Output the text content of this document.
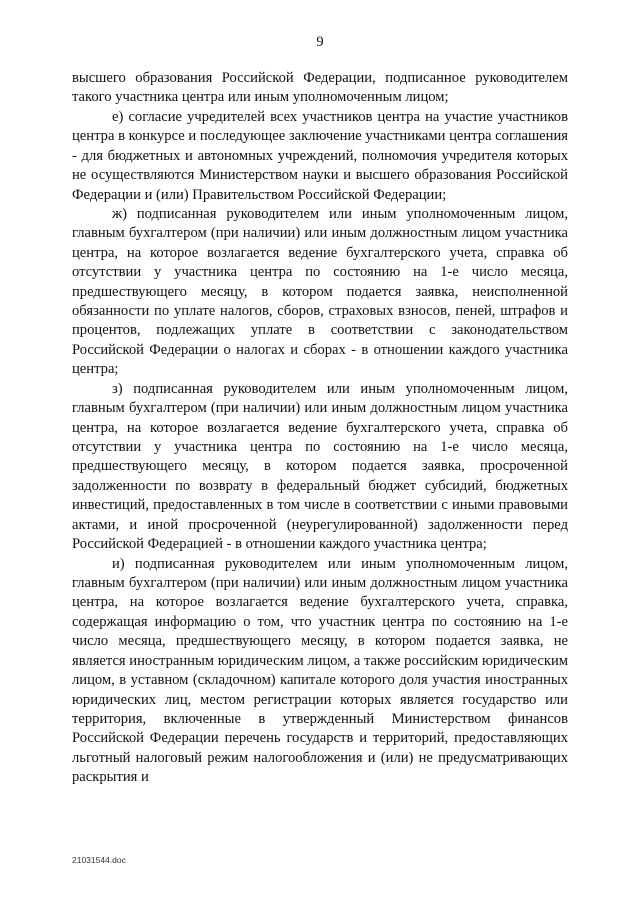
9

высшего образования Российской Федерации, подписанное руководителем такого участника центра или иным уполномоченным лицом;

е) согласие учредителей всех участников центра на участие участников центра в конкурсе и последующее заключение участниками центра соглашения - для бюджетных и автономных учреждений, полномочия учредителя которых не осуществляются Министерством науки и высшего образования Российской Федерации и (или) Правительством Российской Федерации;

ж) подписанная руководителем или иным уполномоченным лицом, главным бухгалтером (при наличии) или иным должностным лицом участника центра, на которое возлагается ведение бухгалтерского учета, справка об отсутствии у участника центра по состоянию на 1-е число месяца, предшествующего месяцу, в котором подается заявка, неисполненной обязанности по уплате налогов, сборов, страховых взносов, пеней, штрафов и процентов, подлежащих уплате в соответствии с законодательством Российской Федерации о налогах и сборах - в отношении каждого участника центра;

з) подписанная руководителем или иным уполномоченным лицом, главным бухгалтером (при наличии) или иным должностным лицом участника центра, на которое возлагается ведение бухгалтерского учета, справка об отсутствии у участника центра по состоянию на 1-е число месяца, предшествующего месяцу, в котором подается заявка, просроченной задолженности по возврату в федеральный бюджет субсидий, бюджетных инвестиций, предоставленных в том числе в соответствии с иными правовыми актами, и иной просроченной (неурегулированной) задолженности перед Российской Федерацией - в отношении каждого участника центра;

и) подписанная руководителем или иным уполномоченным лицом, главным бухгалтером (при наличии) или иным должностным лицом участника центра, на которое возлагается ведение бухгалтерского учета, справка, содержащая информацию о том, что участник центра по состоянию на 1-е число месяца, предшествующего месяцу, в котором подается заявка, не является иностранным юридическим лицом, а также российским юридическим лицом, в уставном (складочном) капитале которого доля участия иностранных юридических лиц, местом регистрации которых является государство или территория, включенные в утвержденный Министерством финансов Российской Федерации перечень государств и территорий, предоставляющих льготный налоговый режим налогообложения и (или) не предусматривающих раскрытия и

21031544.doc
